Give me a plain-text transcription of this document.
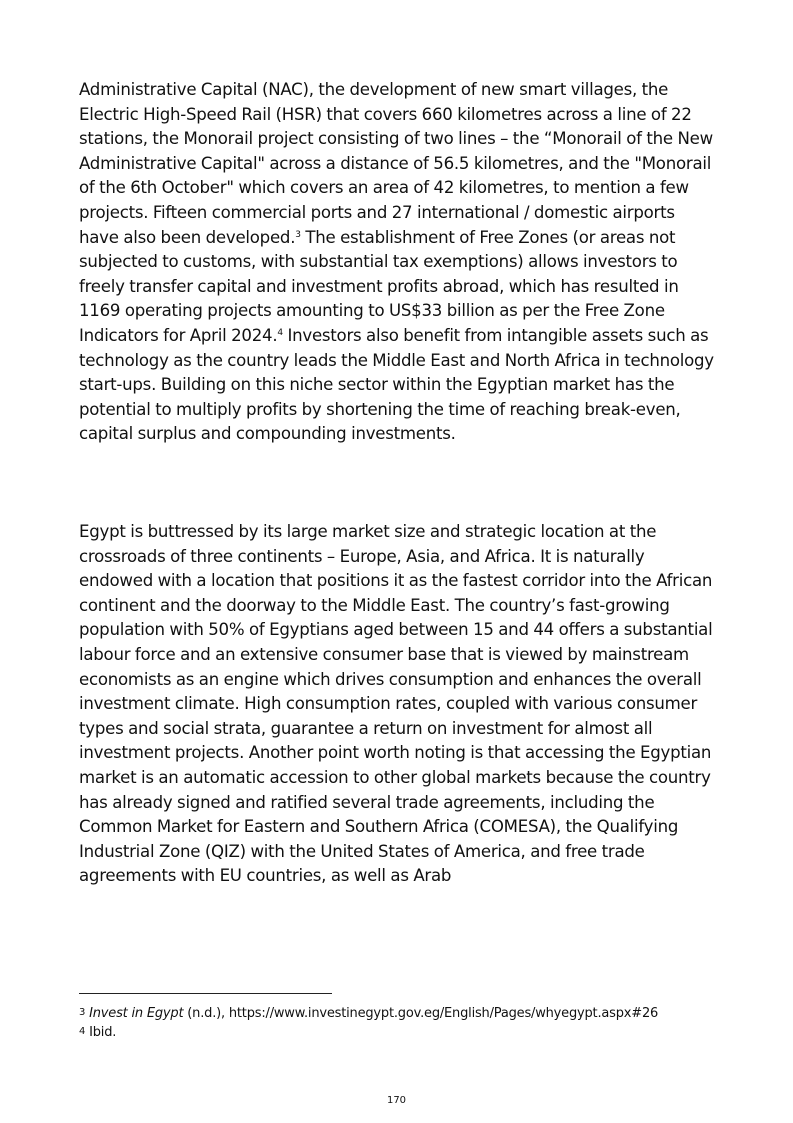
Administrative Capital (NAC), the development of new smart villages, the Electric High-Speed Rail (HSR) that covers 660 kilometres across a line of 22 stations, the Monorail project consisting of two lines – the “Monorail of the New Administrative Capital" across a distance of 56.5 kilometres, and the "Monorail of the 6th October" which covers an area of 42 kilometres, to mention a few projects. Fifteen commercial ports and 27 international / domestic airports have also been developed.$^3$ The establishment of Free Zones (or areas not subjected to customs, with substantial tax exemptions) allows investors to freely transfer capital and investment profits abroad, which has resulted in 1169 operating projects amounting to US$33 billion as per the Free Zone Indicators for April 2024.$^4$ Investors also benefit from intangible assets such as technology as the country leads the Middle East and North Africa in technology start-ups. Building on this niche sector within the Egyptian market has the potential to multiply profits by shortening the time of reaching break-even, capital surplus and compounding investments.

Egypt is buttressed by its large market size and strategic location at the crossroads of three continents – Europe, Asia, and Africa. It is naturally endowed with a location that positions it as the fastest corridor into the African continent and the doorway to the Middle East. The country’s fast-growing population with 50% of Egyptians aged between 15 and 44 offers a substantial labour force and an extensive consumer base that is viewed by mainstream economists as an engine which drives consumption and enhances the overall investment climate. High consumption rates, coupled with various consumer types and social strata, guarantee a return on investment for almost all investment projects. Another point worth noting is that accessing the Egyptian market is an automatic accession to other global markets because the country has already signed and ratified several trade agreements, including the Common Market for Eastern and Southern Africa (COMESA), the Qualifying Industrial Zone (QIZ) with the United States of America, and free trade agreements with EU countries, as well as Arab

3 Invest in Egypt (n.d.), https://www.investinegypt.gov.eg/English/Pages/whyegypt.aspx#26

4 Ibid.

170
